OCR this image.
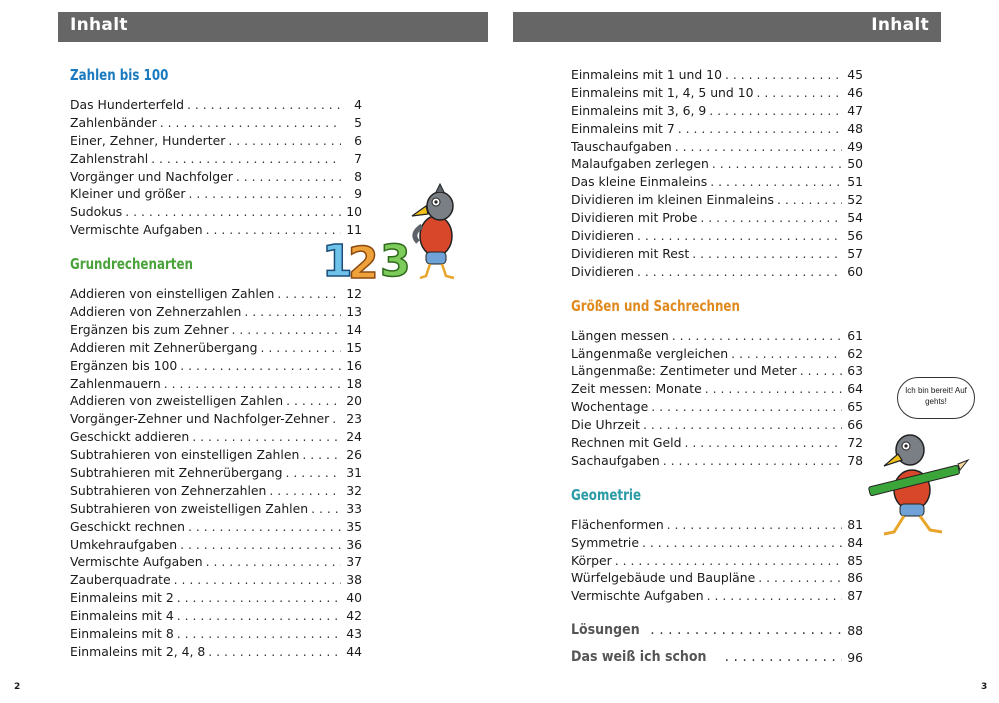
Inhalt	Inhalt
Zahlen bis 100
Das Hunderterfeld . . .	4
Zahlenbänder . . .	5
Einer, Zehner, Hunderter . . .	6
Zahlenstrahl . . .	7
Vorgänger und Nachfolger . . .	8
Kleiner und größer . . .	9
Sudokus . . .	10
Vermischte Aufgaben . . .	11
Grundrechenarten
Addieren von einstelligen Zahlen . . .	12
Addieren von Zehnerzahlen . . .	13
Ergänzen bis zum Zehner . . .	14
Addieren mit Zehnerübergang . . .	15
Ergänzen bis 100 . . .	16
Zahlenmauern . . .	18
Addieren von zweistelligen Zahlen . . .	20
Vorgänger-Zehner und Nachfolger-Zehner . . . 23
Geschickt addieren . . .	24
Subtrahieren von einstelligen Zahlen . . .	26
Subtrahieren mit Zehnerübergang . . .	31
Subtrahieren von Zehnerzahlen . . .	32
Subtrahieren von zweistelligen Zahlen . . .	33
Geschickt rechnen . . .	35
Umkehraufgaben . . .	36
Vermischte Aufgaben . . .	37
Zauberquadrate . . .	38
Einmaleins mit 2 . . .	40
Einmaleins mit 4 . . .	42
Einmaleins mit 8 . . .	43
Einmaleins mit 2, 4, 8 . . .	44
Einmaleins mit 1 und 10 . . .	45
Einmaleins mit 1, 4, 5 und 10 . . .	46
Einmaleins mit 3, 6, 9 . . .	47
Einmaleins mit 7 . . .	48
Tauschaufgaben . . .	49
Malaufgaben zerlegen . . .	50
Das kleine Einmaleins . . .	51
Dividieren im kleinen Einmaleins . . .	52
Dividieren mit Probe . . .	54
Dividieren . . .	56
Dividieren mit Rest . . .	57
Dividieren . . .	60
Größen und Sachrechnen
Längen messen . . .	61
Längenmaße vergleichen . . .	62
Längenmaße: Zentimeter und Meter . . .	63
Zeit messen: Monate . . .	64
Wochentage . . .	65
Die Uhrzeit . . .	66
Rechnen mit Geld . . .	72
Sachaufgaben . . .	78
Geometrie
Flächenformen . . .	81
Symmetrie . . .	84
Körper . . .	85
Würfelgebäude und Baupläne . . .	86
Vermischte Aufgaben . . .	87
Lösungen . . .	88
Das weiß ich schon . . .	96
1
2 3
Ich bin bereit! Auf gehts!
2	3
